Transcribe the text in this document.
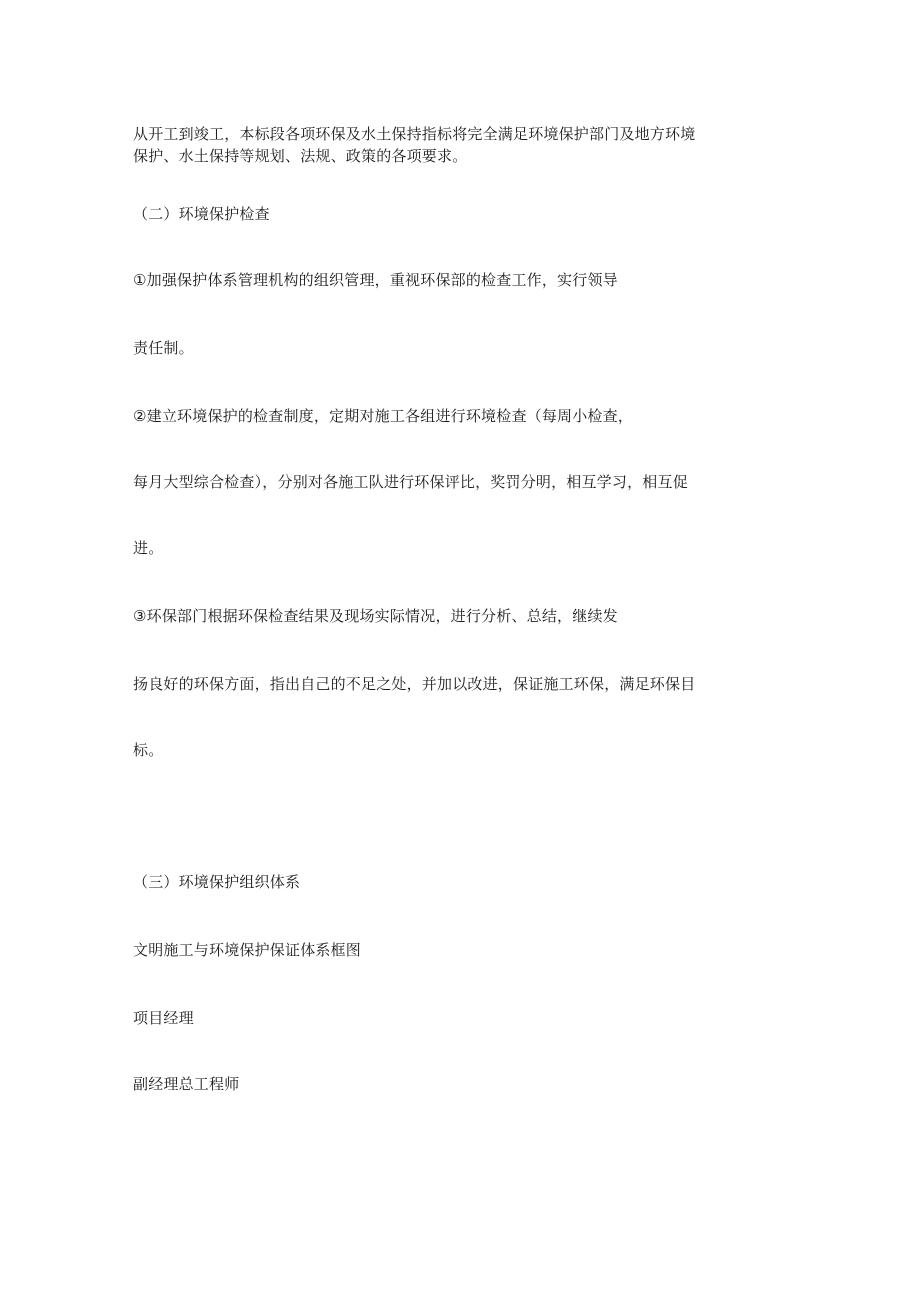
从开工到竣工，本标段各项环保及水土保持指标将完全满足环境保护部门及地方环境
保护、水土保持等规划、法规、政策的各项要求。
（二）环境保护检查
①加强保护体系管理机构的组织管理，重视环保部的检查工作，实行领导
责任制。
②建立环境保护的检查制度，定期对施工各组进行环境检查（每周小检查，
每月大型综合检查），分别对各施工队进行环保评比，奖罚分明，相互学习，相互促
进。
③环保部门根据环保检查结果及现场实际情况，进行分析、总结，继续发
扬良好的环保方面，指出自己的不足之处，并加以改进，保证施工环保，满足环保目
标。
（三）环境保护组织体系
文明施工与环境保护保证体系框图
项目经理
副经理总工程师
